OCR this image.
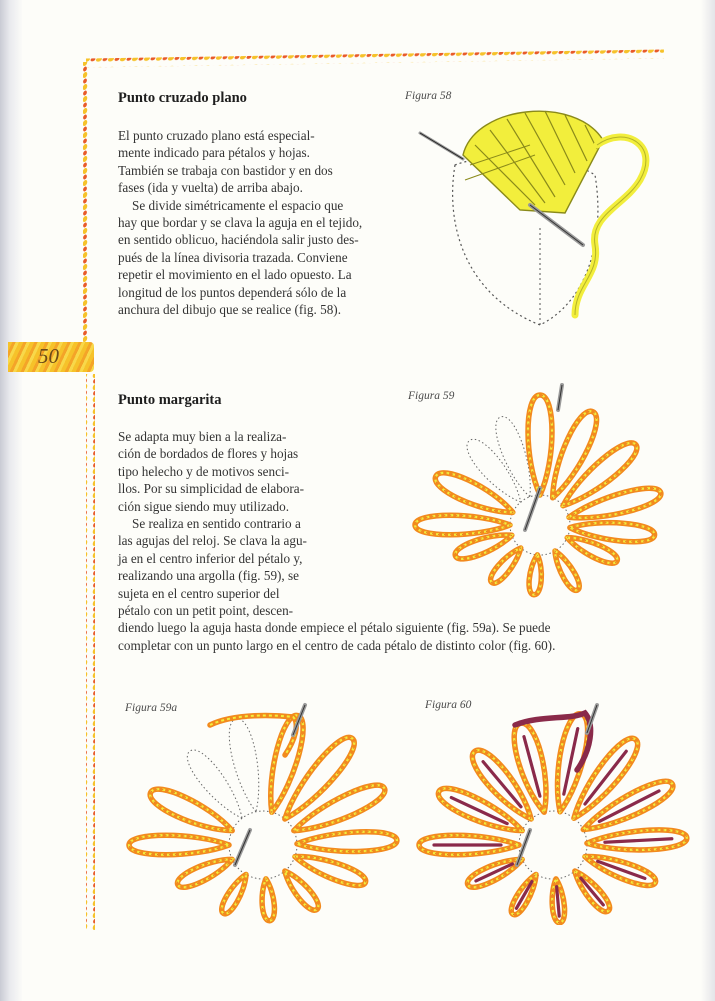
50
Punto cruzado plano	Figura 58

El punto cruzado plano está especial-

mente indicado para pétalos y hojas.

También se trabaja con bastidor y en dos

fases (ida y vuelta) de arriba abajo.

Se divide simétricamente el espacio que

hay que bordar y se clava la aguja en el tejido,

en sentido oblicuo, haciéndola salir justo des-

pués de la línea divisoria trazada. Conviene

repetir el movimiento en el lado opuesto. La

longitud de los puntos dependerá sólo de la

anchura del dibujo que se realice (fig. 58).

Punto margarita	Figura 59

Se adapta muy bien a la realiza-

ción de bordados de flores y hojas

tipo helecho y de motivos senci-

llos. Por su simplicidad de elabora-

ción sigue siendo muy utilizado.

Se realiza en sentido contrario a

las agujas del reloj. Se clava la agu-

ja en el centro inferior del pétalo y,

realizando una argolla (fig. 59), se

sujeta en el centro superior del

pétalo con un petit point, descen-

diendo luego la aguja hasta donde empiece el pétalo siguiente (fig. 59a). Se puede

completar con un punto largo en el centro de cada pétalo de distinto color (fig. 60).

Figura 59a	Figura 60
